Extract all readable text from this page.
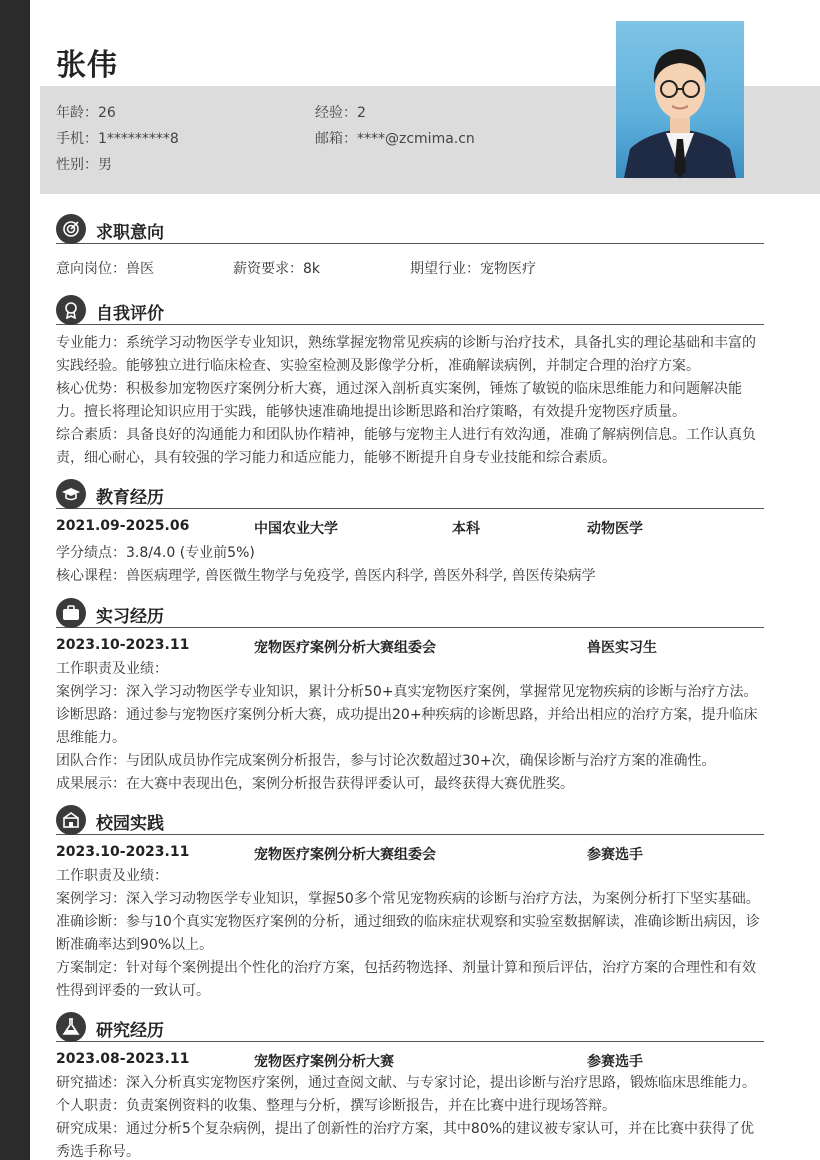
张伟
年龄：26	经验：2
手机：1*********8	邮箱：****@zcmima.cn
性别：男
求职意向
意向岗位：兽医	薪资要求：8k	期望行业：宠物医疗
自我评价
专业能力：系统学习动物医学专业知识，熟练掌握宠物常见疾病的诊断与治疗技术，具备扎实的理论基础和丰富的实践经验。能够独立进行临床检查、实验室检测及影像学分析，准确解读病例，并制定合理的治疗方案。
核心优势：积极参加宠物医疗案例分析大赛，通过深入剖析真实案例，锤炼了敏锐的临床思维能力和问题解决能力。擅长将理论知识应用于实践，能够快速准确地提出诊断思路和治疗策略，有效提升宠物医疗质量。
综合素质：具备良好的沟通能力和团队协作精神，能够与宠物主人进行有效沟通，准确了解病例信息。工作认真负责，细心耐心，具有较强的学习能力和适应能力，能够不断提升自身专业技能和综合素质。
教育经历
2021.09-2025.06	中国农业大学	本科	动物医学
学分绩点：3.8/4.0 (专业前5%)
核心课程：兽医病理学, 兽医微生物学与免疫学, 兽医内科学, 兽医外科学, 兽医传染病学
实习经历
2023.10-2023.11	宠物医疗案例分析大赛组委会	兽医实习生
工作职责及业绩：
案例学习：深入学习动物医学专业知识，累计分析50+真实宠物医疗案例，掌握常见宠物疾病的诊断与治疗方法。
诊断思路：通过参与宠物医疗案例分析大赛，成功提出20+种疾病的诊断思路，并给出相应的治疗方案，提升临床思维能力。
团队合作：与团队成员协作完成案例分析报告，参与讨论次数超过30+次，确保诊断与治疗方案的准确性。
成果展示：在大赛中表现出色，案例分析报告获得评委认可，最终获得大赛优胜奖。
校园实践
2023.10-2023.11	宠物医疗案例分析大赛组委会	参赛选手
工作职责及业绩：
案例学习：深入学习动物医学专业知识，掌握50多个常见宠物疾病的诊断与治疗方法，为案例分析打下坚实基础。
准确诊断：参与10个真实宠物医疗案例的分析，通过细致的临床症状观察和实验室数据解读，准确诊断出病因，诊断准确率达到90%以上。
方案制定：针对每个案例提出个性化的治疗方案，包括药物选择、剂量计算和预后评估，治疗方案的合理性和有效性得到评委的一致认可。
研究经历
2023.08-2023.11	宠物医疗案例分析大赛	参赛选手
研究描述：深入分析真实宠物医疗案例，通过查阅文献、与专家讨论，提出诊断与治疗思路，锻炼临床思维能力。
个人职责：负责案例资料的收集、整理与分析，撰写诊断报告，并在比赛中进行现场答辩。
研究成果：通过分析5个复杂病例，提出了创新性的治疗方案，其中80%的建议被专家认可，并在比赛中获得了优秀选手称号。
